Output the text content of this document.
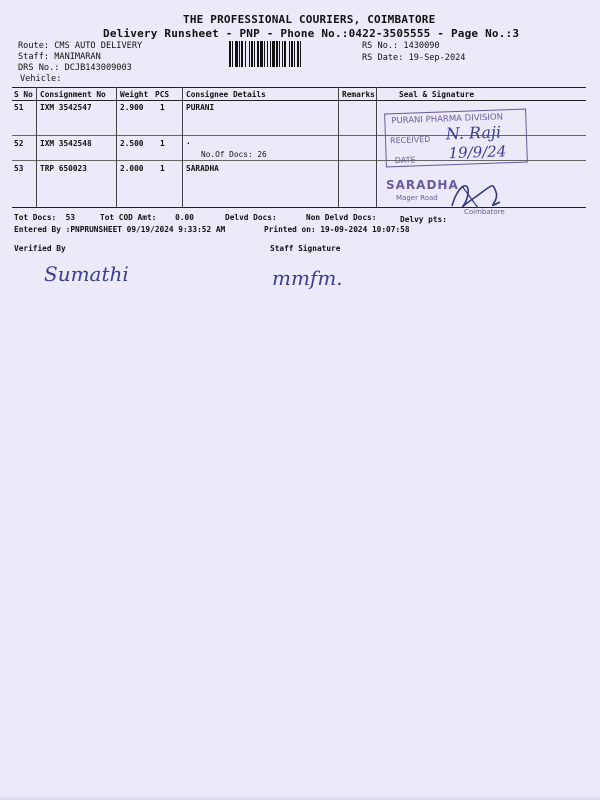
THE PROFESSIONAL COURIERS, COIMBATORE
Delivery Runsheet - PNP - Phone No.:0422-3505555 - Page No.:3
Route: CMS AUTO DELIVERY
Staff: MANIMARAN
DRS No.: DCJB143009003
Vehicle:
RS No.: 1430090
RS Date: 19-Sep-2024
S No Consignment No Weight PCS Consignee Details	Remarks	Seal & Signature
51 IXM 3542547	2.900 1	PURANI
52 IXM 3542548	2.500 1	.
No.Of Docs: 26
53 TRP 650023	2.000 1	SARADHA
PURANI PHARMA DIVISION
RECEIVED
DATE
N. Raji
19/9/24
SARADHA
Mager Road
Coimbatore
Tot Docs:  53	Tot COD Amt:    0.00	Delvd Docs:	Non Delvd Docs:	Delvy pts:
Entered By :PNPRUNSHEET 09/19/2024 9:33:52 AM	Printed on: 19-09-2024 10:07:58
Verified By	Staff Signature
Sumathi	mmfm.
